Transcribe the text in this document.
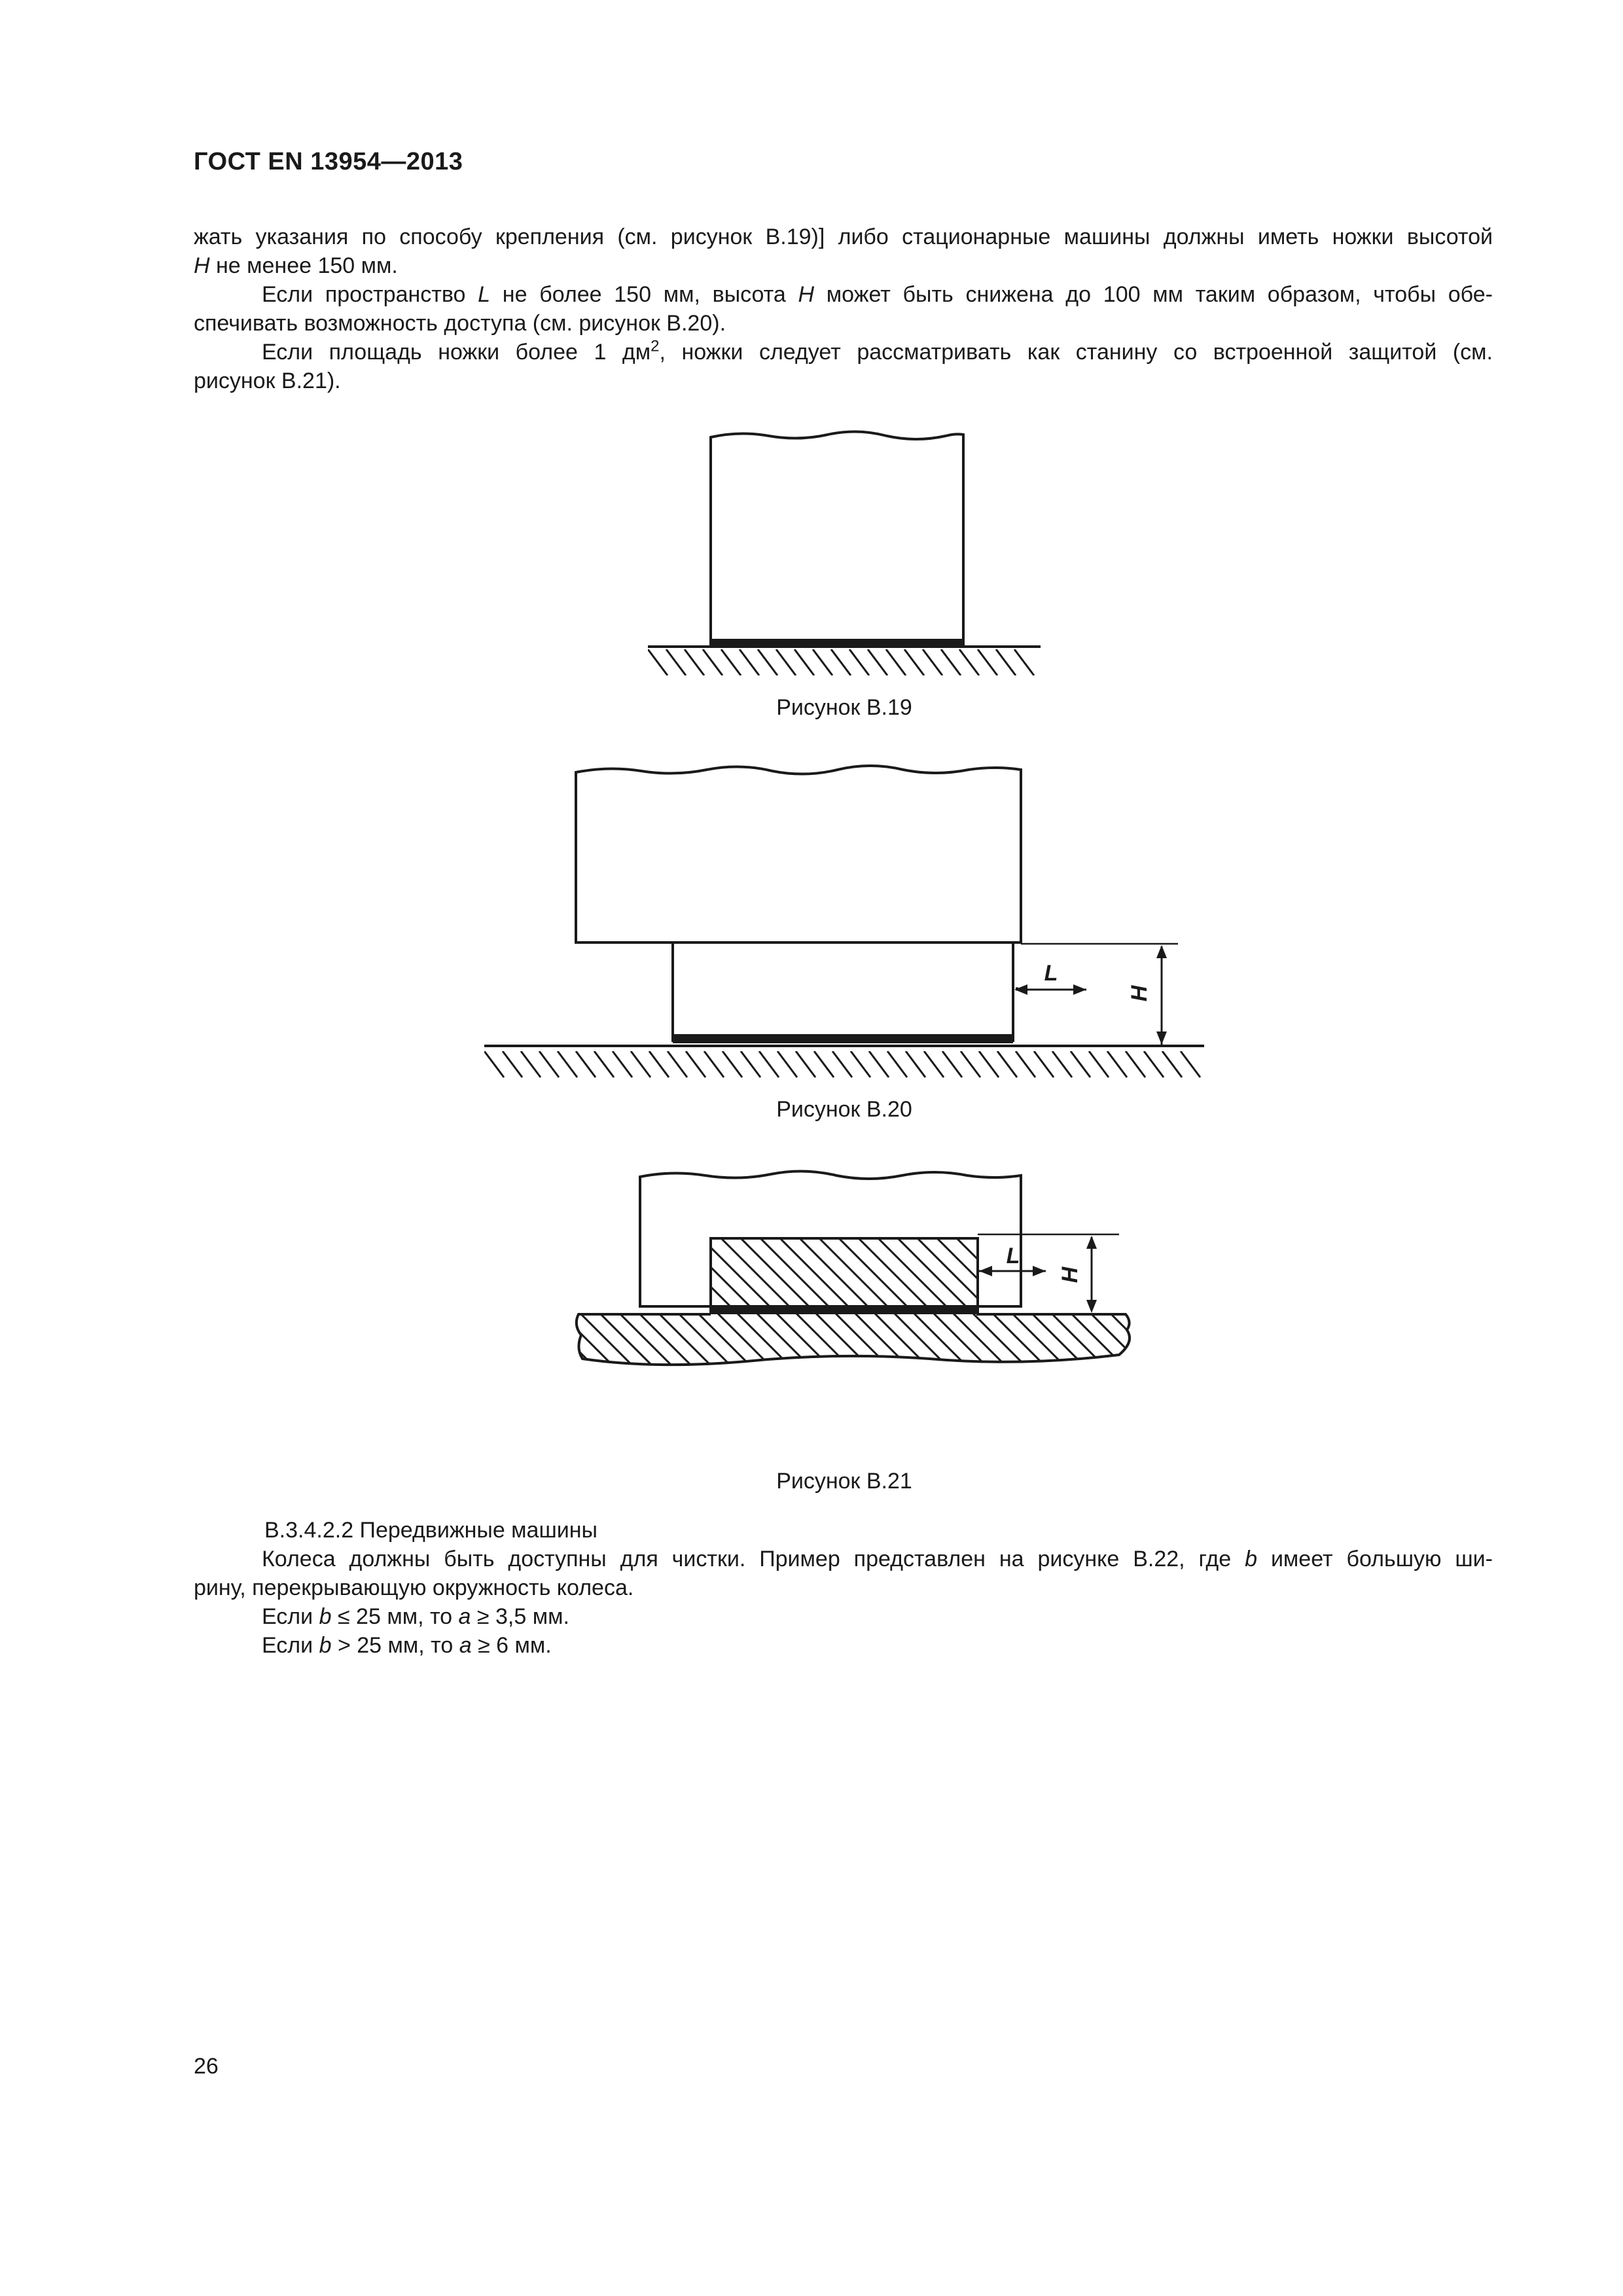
ГОСТ EN 13954—2013
жать указания по способу крепления (см. рисунок В.19)] либо стационарные машины должны иметь ножки высотой
H не менее 150 мм.
Если пространство L не более 150 мм, высота H может быть снижена до 100 мм таким образом, чтобы обе-
спечивать возможность доступа (см. рисунок В.20).
Если площадь ножки более 1 $дм^2$, ножки следует рассматривать как станину со встроенной защитой (см.
рисунок В.21).
Рисунок В.19
L
H
Рисунок В.20
L
H
Рисунок В.21
В.3.4.2.2 Передвижные машины
Колеса должны быть доступны для чистки. Пример представлен на рисунке В.22, где b имеет большую ши-
рину, перекрывающую окружность колеса.
Если b ≤ 25 мм, то a ≥ 3,5 мм.
Если b > 25 мм, то a ≥ 6 мм.
26
